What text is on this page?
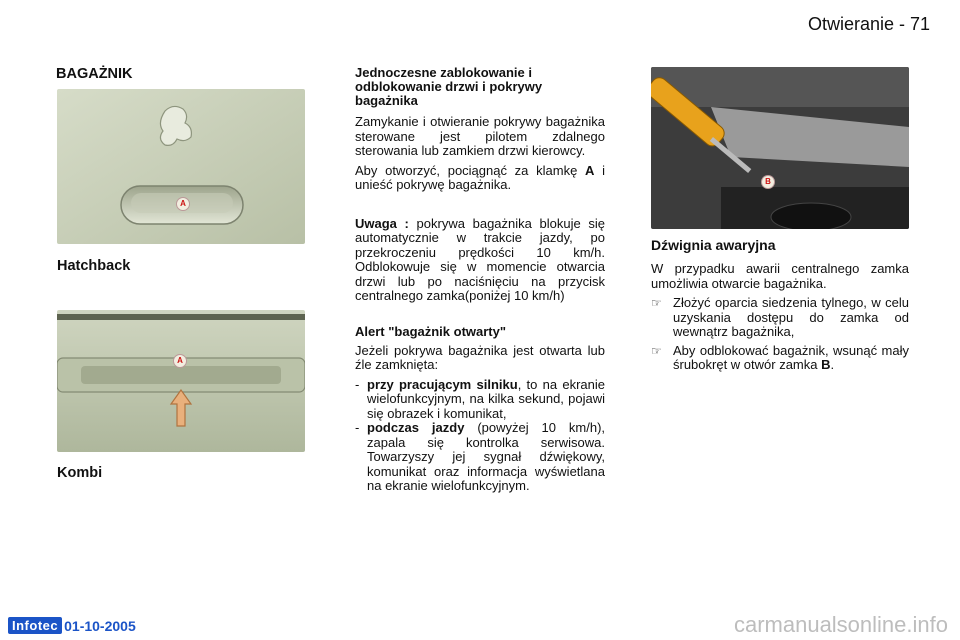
Otwieranie - 71
BAGAŻNIK
A
Hatchback
A
Kombi
Jednoczesne zablokowanie i odblokowanie drzwi i pokrywy bagażnika

Zamykanie i otwieranie pokrywy bagażnika sterowane jest pilotem zdalnego sterowania lub zamkiem drzwi kierowcy.

Aby otworzyć, pociągnąć za klamkę A i unieść pokrywę bagażnika.

Uwaga : pokrywa bagażnika blokuje się automatycznie w trakcie jazdy, po przekroczeniu prędkości 10 km/h. Odblokowuje się w momencie otwarcia drzwi lub po naciśnięciu na przycisk centralnego zamka(poniżej 10 km/h)

Alert "bagażnik otwarty"

Jeżeli pokrywa bagażnika jest otwarta lub źle zamknięta:

- przy pracującym silniku, to na ekranie wielofunkcyjnym, na kilka sekund, pojawi się obrazek i komunikat,
- podczas jazdy (powyżej 10 km/h), zapala się kontrolka serwisowa. Towarzyszy jej sygnał dźwiękowy, komunikat oraz informacja wyświetlana na ekranie wielofunkcyjnym.
B
Dźwignia awaryjna

W przypadku awarii centralnego zamka umożliwia otwarcie bagażnika.

☞ Złożyć oparcia siedzenia tylnego, w celu uzyskania dostępu do zamka od wewnątrz bagażnika,
☞ Aby odblokować bagażnik, wsunąć mały śrubokręt w otwór zamka B.
Infotec 01-10-2005	carmanualsonline.info
